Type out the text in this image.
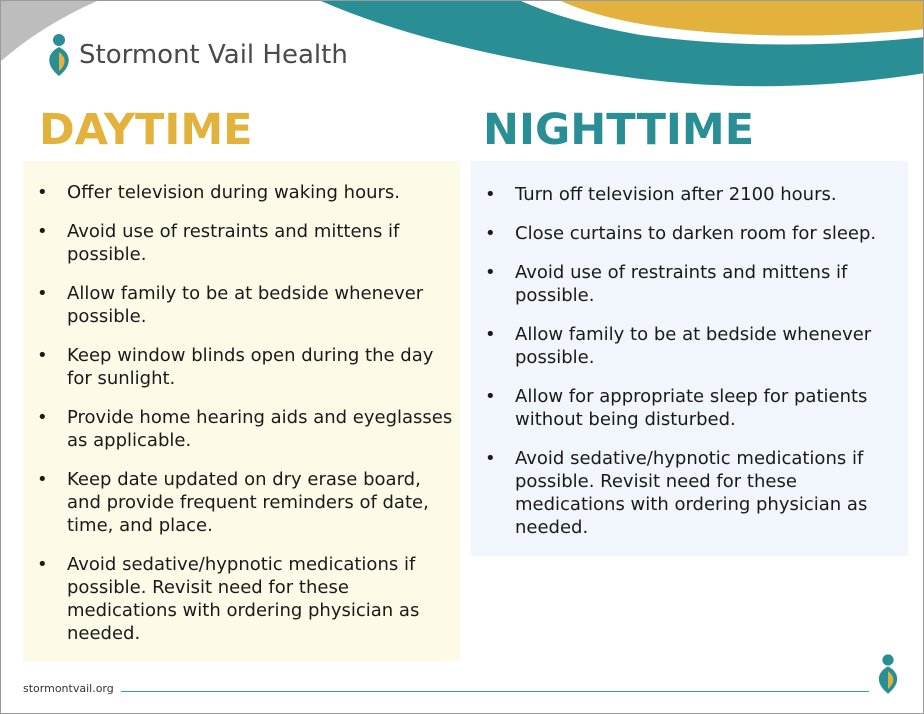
Stormont Vail Health
DAYTIME	NIGHTTIME
• Offer television during waking hours.
• Avoid use of restraints and mittens if possible.
• Allow family to be at bedside whenever possible.
• Keep window blinds open during the day for sunlight.
• Provide home hearing aids and eyeglasses as applicable.
• Keep date updated on dry erase board, and provide frequent reminders of date, time, and place.
• Avoid sedative/hypnotic medications if possible. Revisit need for these medications with ordering physician as needed.
• Turn off television after 2100 hours.
• Close curtains to darken room for sleep.
• Avoid use of restraints and mittens if possible.
• Allow family to be at bedside whenever possible.
• Allow for appropriate sleep for patients without being disturbed.
• Avoid sedative/hypnotic medications if possible. Revisit need for these medications with ordering physician as needed.
stormontvail.org
